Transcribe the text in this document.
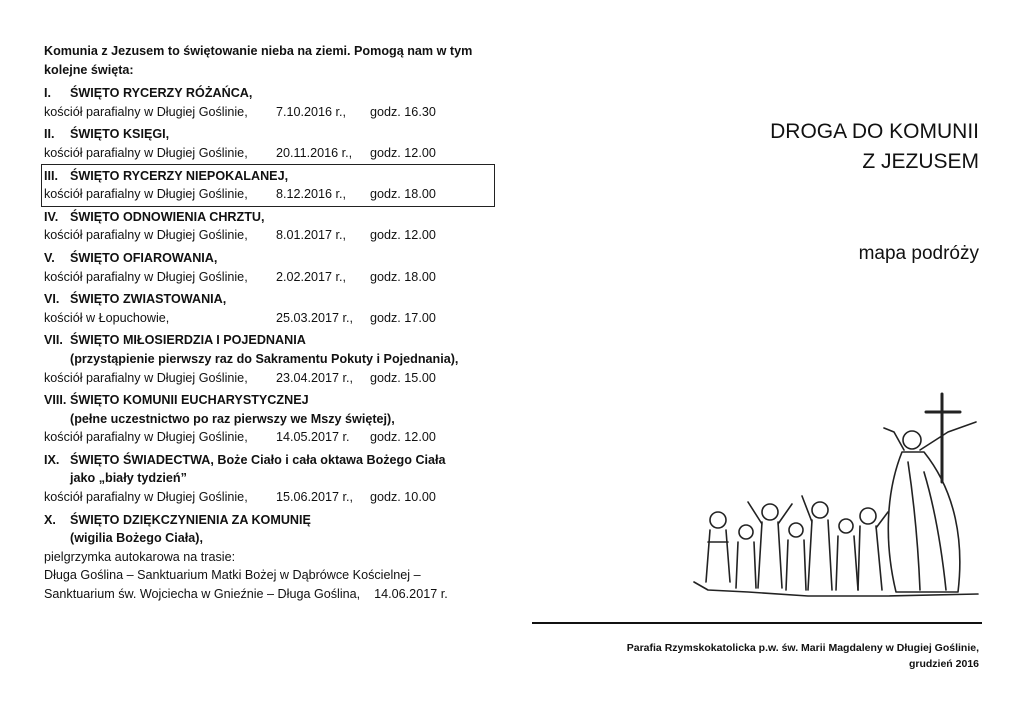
Komunia z Jezusem to świętowanie nieba na ziemi. Pomogą nam w tym kolejne święta:
I.	ŚWIĘTO RYCERZY RÓŻAŃCA,
kościół parafialny w Długiej Goślinie,	7.10.2016 r.,	godz. 16.30
II.	ŚWIĘTO KSIĘGI,
kościół parafialny w Długiej Goślinie,	20.11.2016 r.,	godz. 12.00
III. ŚWIĘTO RYCERZY NIEPOKALANEJ,
kościół parafialny w Długiej Goślinie,	8.12.2016 r.,	godz. 18.00
IV. ŚWIĘTO ODNOWIENIA CHRZTU,
kościół parafialny w Długiej Goślinie,	8.01.2017 r.,	godz. 12.00
V.	ŚWIĘTO OFIAROWANIA,
kościół parafialny w Długiej Goślinie,	2.02.2017 r.,	godz. 18.00
VI. ŚWIĘTO ZWIASTOWANIA,
kościół w Łopuchowie,	25.03.2017 r.,	godz. 17.00
VII. ŚWIĘTO MIŁOSIERDZIA I POJEDNANIA
(przystąpienie pierwszy raz do Sakramentu Pokuty i Pojednania),
kościół parafialny w Długiej Goślinie,	23.04.2017 r.,	godz. 15.00
VIII. ŚWIĘTO KOMUNII EUCHARYSTYCZNEJ
(pełne uczestnictwo po raz pierwszy we Mszy świętej),
kościół parafialny w Długiej Goślinie,	14.05.2017 r.	godz. 12.00
IX. ŚWIĘTO ŚWIADECTWA, Boże Ciało i cała oktawa Bożego Ciała
jako „biały tydzień”
kościół parafialny w Długiej Goślinie,	15.06.2017 r.,	godz. 10.00
X.	ŚWIĘTO DZIĘKCZYNIENIA ZA KOMUNIĘ
(wigilia Bożego Ciała),
pielgrzymka autokarowa na trasie:
Długa Goślina – Sanktuarium Matki Bożej w Dąbrówce Kościelnej –
Sanktuarium św. Wojciecha w Gnieźnie – Długa Goślina, 14.06.2017 r.
DROGA DO KOMUNII
Z JEZUSEM
mapa podróży
Parafia Rzymskokatolicka p.w. św. Marii Magdaleny w Długiej Goślinie,
grudzień 2016
